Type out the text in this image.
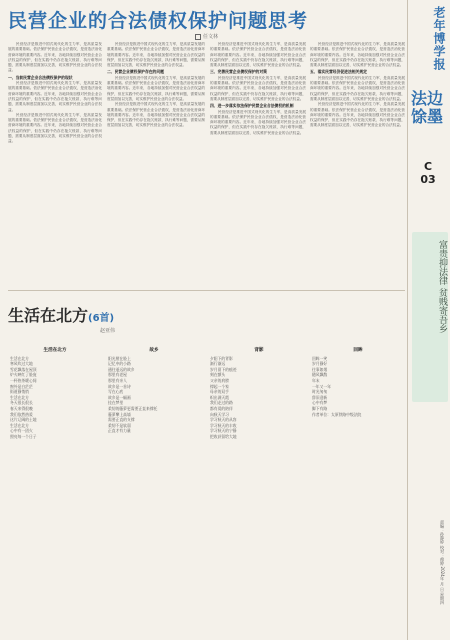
民营企业的合法债权保护问题思考
任文林

民营经济是推进中国式现代化的生力军，是高质量发展的重要基础。依法保护民营企业合法债权，是营造法治化营商环境的重要内容。近年来，各地持续加强对民营企业合法权益的保护，但在实践中仍存在拖欠账款、执行难等问题，需要从制度层面加以完善，切实维护民营企业的合法权益。

一、当前民营企业合法债权保护的现状

民营经济是推进中国式现代化的生力军，是高质量发展的重要基础。依法保护民营企业合法债权，是营造法治化营商环境的重要内容。近年来，各地持续加强对民营企业合法权益的保护，但在实践中仍存在拖欠账款、执行难等问题，需要从制度层面加以完善，切实维护民营企业的合法权益。

民营经济是推进中国式现代化的生力军，是高质量发展的重要基础。依法保护民营企业合法债权，是营造法治化营商环境的重要内容。近年来，各地持续加强对民营企业合法权益的保护，但在实践中仍存在拖欠账款、执行难等问题，需要从制度层面加以完善，切实维护民营企业的合法权益。

民营经济是推进中国式现代化的生力军，是高质量发展的重要基础。依法保护民营企业合法债权，是营造法治化营商环境的重要内容。近年来，各地持续加强对民营企业合法权益的保护，但在实践中仍存在拖欠账款、执行难等问题，需要从制度层面加以完善，切实维护民营企业的合法权益。

二、民营企业债权保护存在的问题

民营经济是推进中国式现代化的生力军，是高质量发展的重要基础。依法保护民营企业合法债权，是营造法治化营商环境的重要内容。近年来，各地持续加强对民营企业合法权益的保护，但在实践中仍存在拖欠账款、执行难等问题，需要从制度层面加以完善，切实维护民营企业的合法权益。

民营经济是推进中国式现代化的生力军，是高质量发展的重要基础。依法保护民营企业合法债权，是营造法治化营商环境的重要内容。近年来，各地持续加强对民营企业合法权益的保护，但在实践中仍存在拖欠账款、执行难等问题，需要从制度层面加以完善，切实维护民营企业的合法权益。

民营经济是推进中国式现代化的生力军，是高质量发展的重要基础。依法保护民营企业合法债权，是营造法治化营商环境的重要内容。近年来，各地持续加强对民营企业合法权益的保护，但在实践中仍存在拖欠账款、执行难等问题，需要从制度层面加以完善，切实维护民营企业的合法权益。

三、完善民营企业债权保护的对策

民营经济是推进中国式现代化的生力军，是高质量发展的重要基础。依法保护民营企业合法债权，是营造法治化营商环境的重要内容。近年来，各地持续加强对民营企业合法权益的保护，但在实践中仍存在拖欠账款、执行难等问题，需要从制度层面加以完善，切实维护民营企业的合法权益。

四、进一步落实依法保护民营企业合法债权的机制

民营经济是推进中国式现代化的生力军，是高质量发展的重要基础。依法保护民营企业合法债权，是营造法治化营商环境的重要内容。近年来，各地持续加强对民营企业合法权益的保护，但在实践中仍存在拖欠账款、执行难等问题，需要从制度层面加以完善，切实维护民营企业的合法权益。

民营经济是推进中国式现代化的生力军，是高质量发展的重要基础。依法保护民营企业合法债权，是营造法治化营商环境的重要内容。近年来，各地持续加强对民营企业合法权益的保护，但在实践中仍存在拖欠账款、执行难等问题，需要从制度层面加以完善，切实维护民营企业的合法权益。

五、落实民营经济促进法相关规定

民营经济是推进中国式现代化的生力军，是高质量发展的重要基础。依法保护民营企业合法债权，是营造法治化营商环境的重要内容。近年来，各地持续加强对民营企业合法权益的保护，但在实践中仍存在拖欠账款、执行难等问题，需要从制度层面加以完善，切实维护民营企业的合法权益。

民营经济是推进中国式现代化的生力军，是高质量发展的重要基础。依法保护民营企业合法债权，是营造法治化营商环境的重要内容。近年来，各地持续加强对民营企业合法权益的保护，但在实践中仍存在拖欠账款、执行难等问题，需要从制度层面加以完善，切实维护民营企业的合法权益。

老年博学报
法边馀墨
C
03
富贵抑法律 贫贱寄吾乡
责编：孙静婷 校对：穆婷 2024年 月 日 星期四
生活在北方(6首)
赵亚伟
生活在北方
生活在北方
寒风吹过大地
雪花飘落在屋顶
炉火映红了脸庞
一杯热茶暖心间
窗外是白茫茫
街道静悄悄
生活在北方
冬天很长很长
春天来得很晚
我们依然热爱
这片辽阔的土地
生活在北方
心中有一团火
照亮每一个日子
故乡
阳光照在脸上
记忆中的小路
通往遥远的故乡
那里有老屋
那里有亲人
故乡是一首诗
写在心底
故乡是一幅画
挂在梦里
柔韧的藤萝更需要正直来撑托
藤萝攀上高墙
需要正直的支撑
柔韧不是软弱
正直才有力量
背影
夕阳下的背影
渐行渐远
岁月留下的痕迹
刻在额头
父亲的肩膀
撑起一个家
母亲的双手
织出满天霞
我们走过的路
都有爱的陪伴
向秋天学习
学习秋天的从容
学习秋天的丰收
学习秋天的宁静
把收获留给大地
回眸
回眸一笑
岁月静好
往事如烟
随风飘散
年末
一年又一年
时光匆匆
辞旧迎新
心中有梦
脚下有路
作者单位：太原铁路中级法院
